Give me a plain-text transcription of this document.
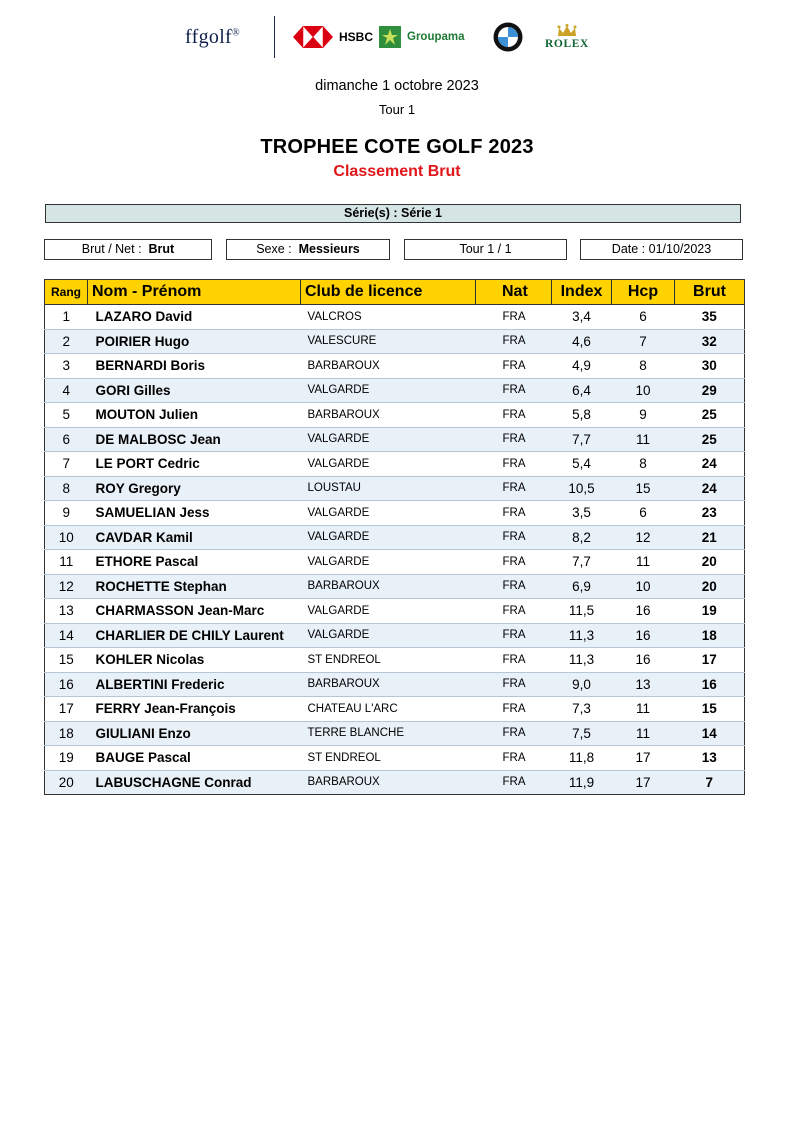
ffgolf®	HSBC	Groupama
ROLEX
dimanche 1 octobre 2023
Tour 1
TROPHEE COTE GOLF 2023
Classement Brut
Série(s) : Série 1
Brut / Net : Brut	Sexe : Messieurs	Tour 1 / 1	Date : 01/10/2023
Rang	Nom - Prénom	Club de licence	Nat	Index	Hcp	Brut
1	LAZARO David	VALCROS	FRA	3,4	6	35
2	POIRIER Hugo	VALESCURE	FRA	4,6	7	32
3	BERNARDI Boris	BARBAROUX	FRA	4,9	8	30
4	GORI Gilles	VALGARDE	FRA	6,4	10	29
5	MOUTON Julien	BARBAROUX	FRA	5,8	9	25
6	DE MALBOSC Jean	VALGARDE	FRA	7,7	11	25
7	LE PORT Cedric	VALGARDE	FRA	5,4	8	24
8	ROY Gregory	LOUSTAU	FRA	10,5	15	24
9	SAMUELIAN Jess	VALGARDE	FRA	3,5	6	23
10	CAVDAR Kamil	VALGARDE	FRA	8,2	12	21
11	ETHORE Pascal	VALGARDE	FRA	7,7	11	20
12	ROCHETTE Stephan	BARBAROUX	FRA	6,9	10	20
13	CHARMASSON Jean-Marc	VALGARDE	FRA	11,5	16	19
14	CHARLIER DE CHILY Laurent	VALGARDE	FRA	11,3	16	18
15	KOHLER Nicolas	ST ENDREOL	FRA	11,3	16	17
16	ALBERTINI Frederic	BARBAROUX	FRA	9,0	13	16
17	FERRY Jean-François	CHATEAU L'ARC	FRA	7,3	11	15
18	GIULIANI Enzo	TERRE BLANCHE	FRA	7,5	11	14
19	BAUGE Pascal	ST ENDREOL	FRA	11,8	17	13
20	LABUSCHAGNE Conrad	BARBAROUX	FRA	11,9	17	7
